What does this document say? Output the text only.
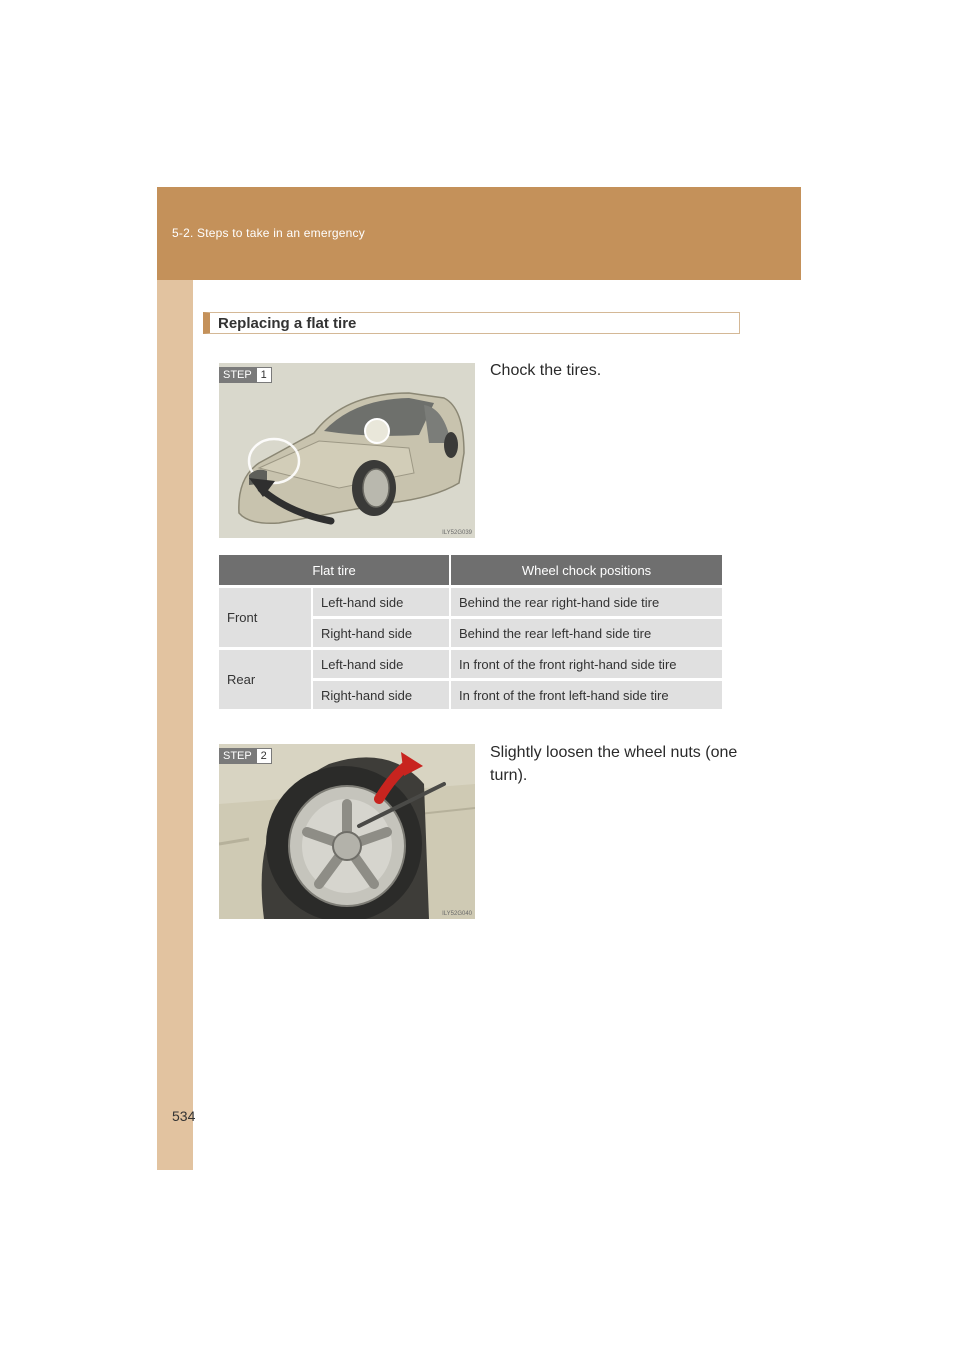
5-2. Steps to take in an emergency
Replacing a flat tire
STEP 1
ILY52G039
Chock the tires.
Flat tire		Wheel chock positions
Front	Left-hand side	Behind the rear right-hand side tire
	Right-hand side	Behind the rear left-hand side tire
Rear	Left-hand side	In front of the front right-hand side tire
	Right-hand side	In front of the front left-hand side tire
STEP 2
ILY52G040
Slightly loosen the wheel nuts (one turn).
534
